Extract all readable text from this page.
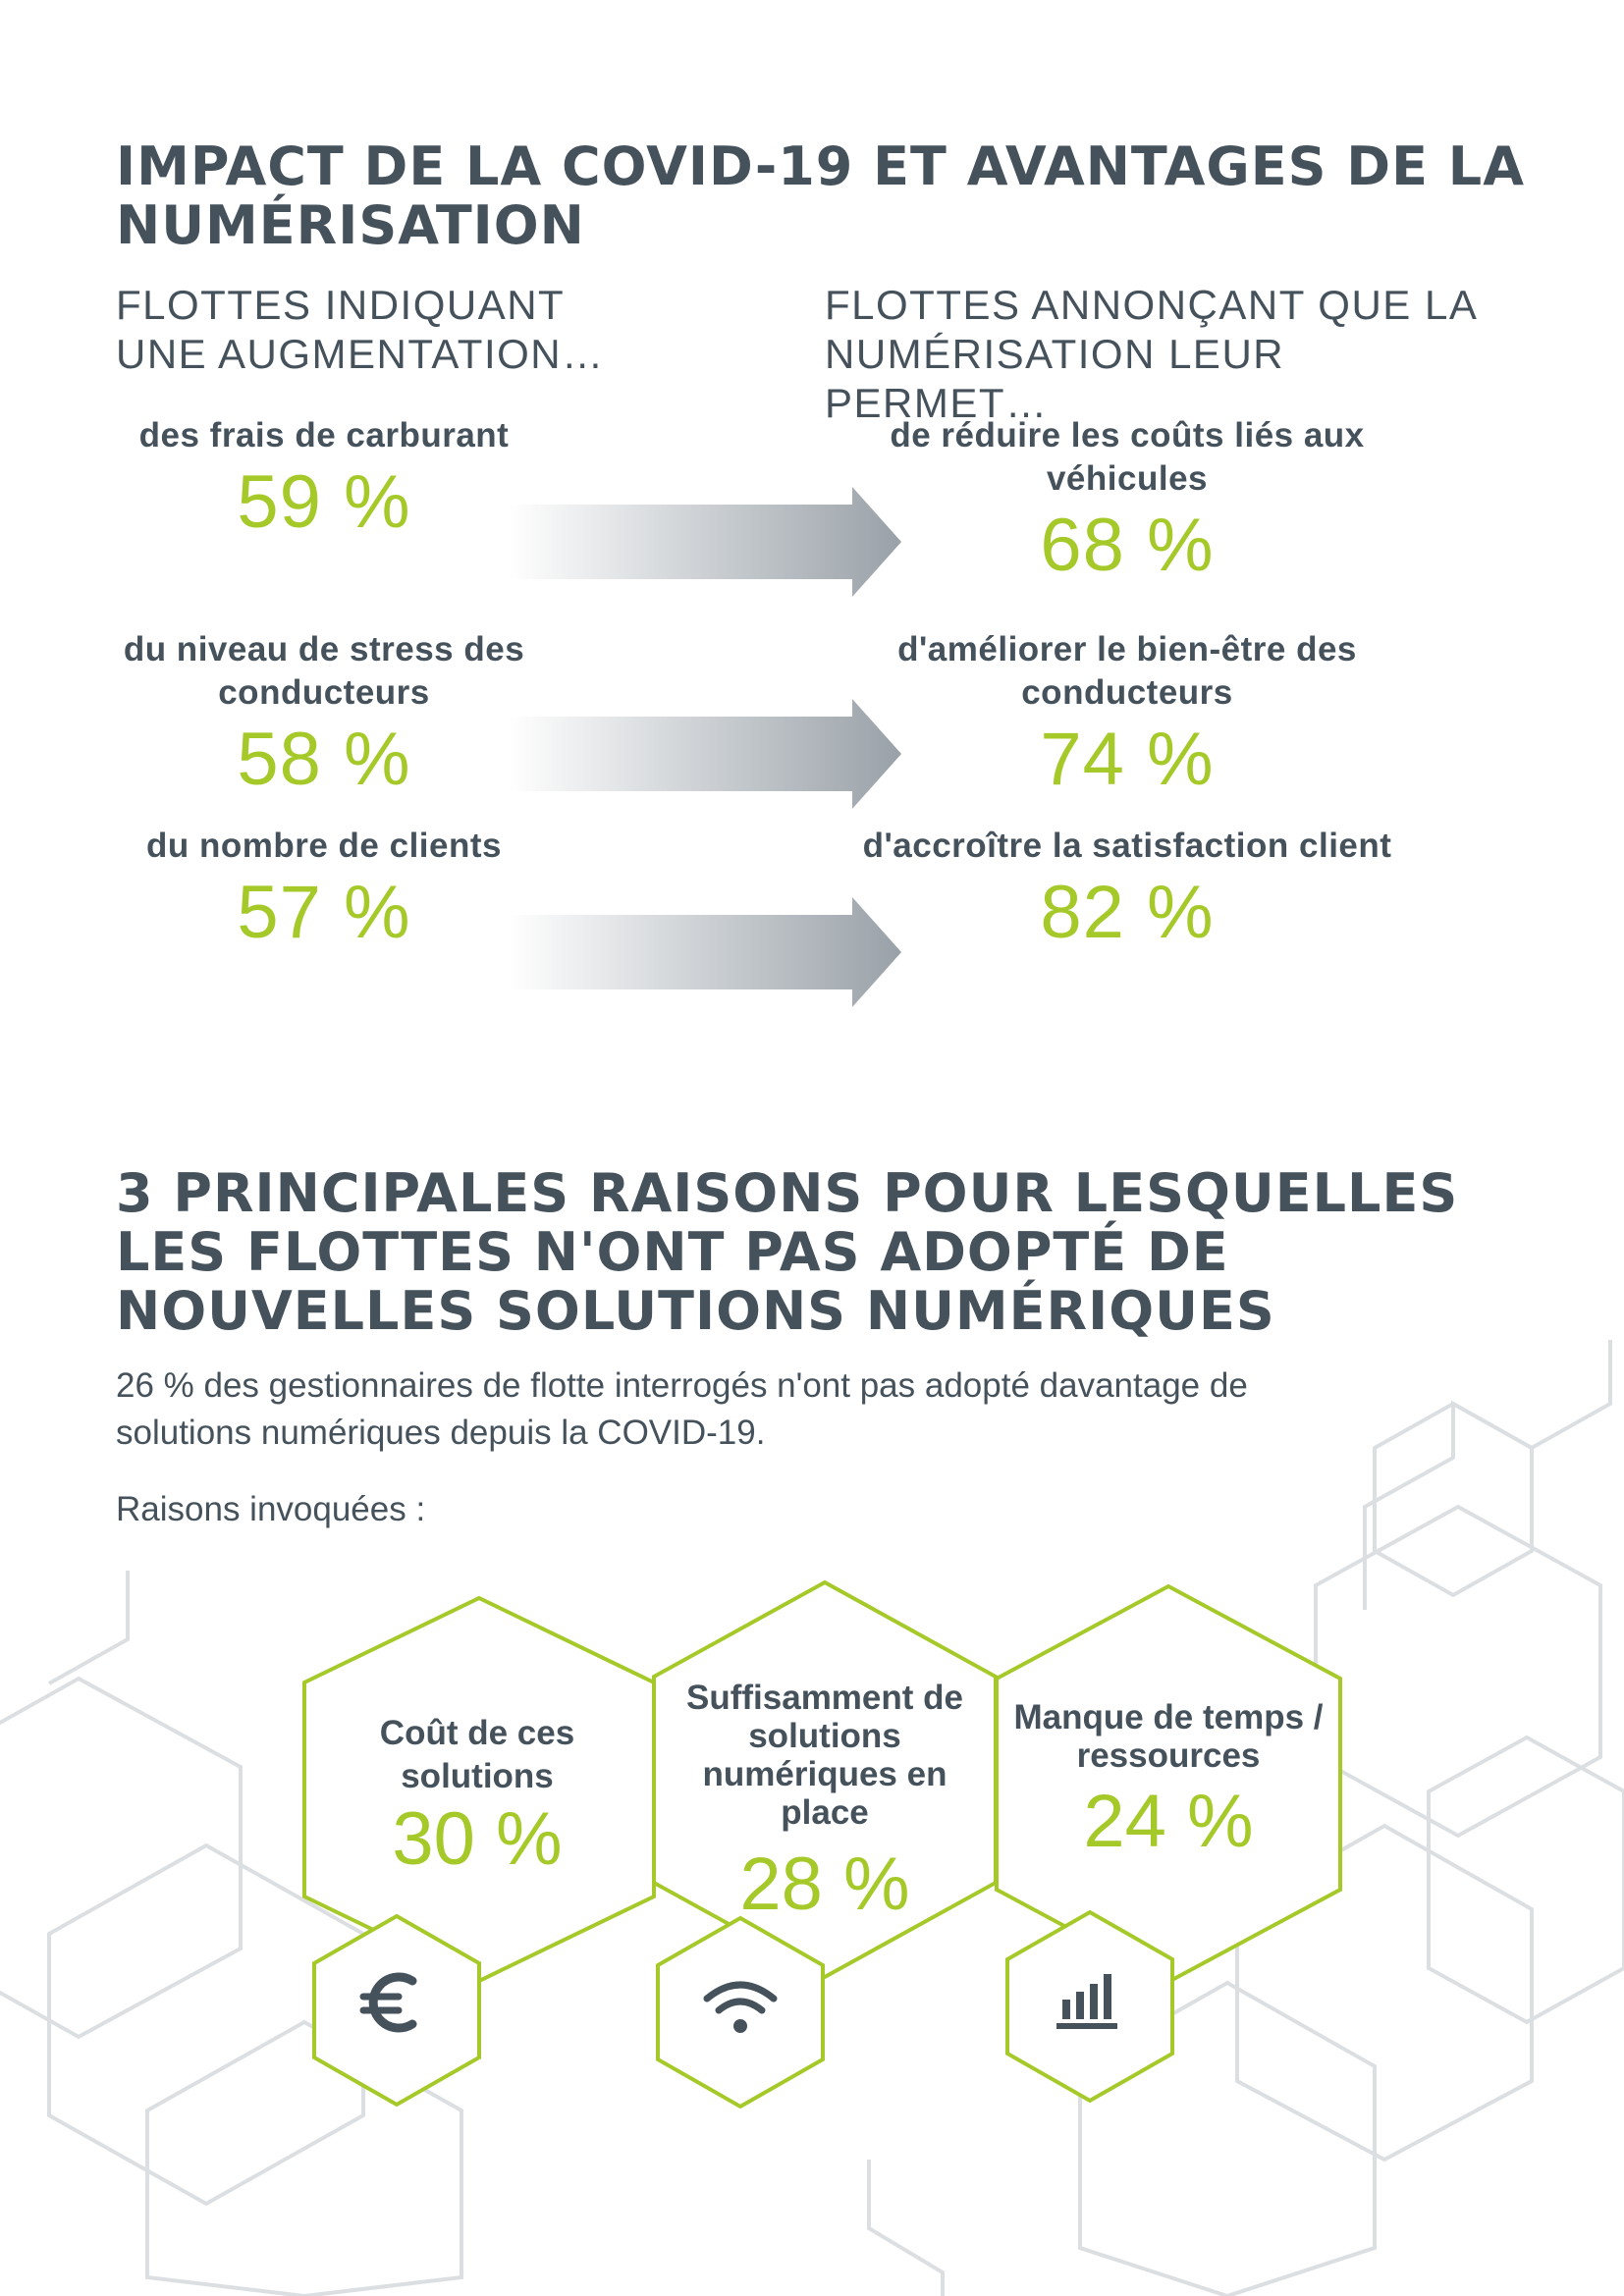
IMPACT DE LA COVID-19 ET AVANTAGES DE LA NUMÉRISATION

FLOTTES INDIQUANT UNE AUGMENTATION…

FLOTTES ANNONÇANT QUE LA NUMÉRISATION LEUR PERMET…

des frais de carburant
59 %
de réduire les coûts liés aux véhicules
68 %
du niveau de stress des conducteurs
58 %
d'améliorer le bien-être des conducteurs
74 %
du nombre de clients
57 %
d'accroître la satisfaction client
82 %
3 PRINCIPALES RAISONS POUR LESQUELLES LES FLOTTES N'ONT PAS ADOPTÉ DE NOUVELLES SOLUTIONS NUMÉRIQUES

26 % des gestionnaires de flotte interrogés n'ont pas adopté davantage de solutions numériques depuis la COVID-19.

Raisons invoquées :

Coût de ces solutions
30 %
Suffisamment de solutions numériques en place
28 %
Manque de temps / ressources
24 %
